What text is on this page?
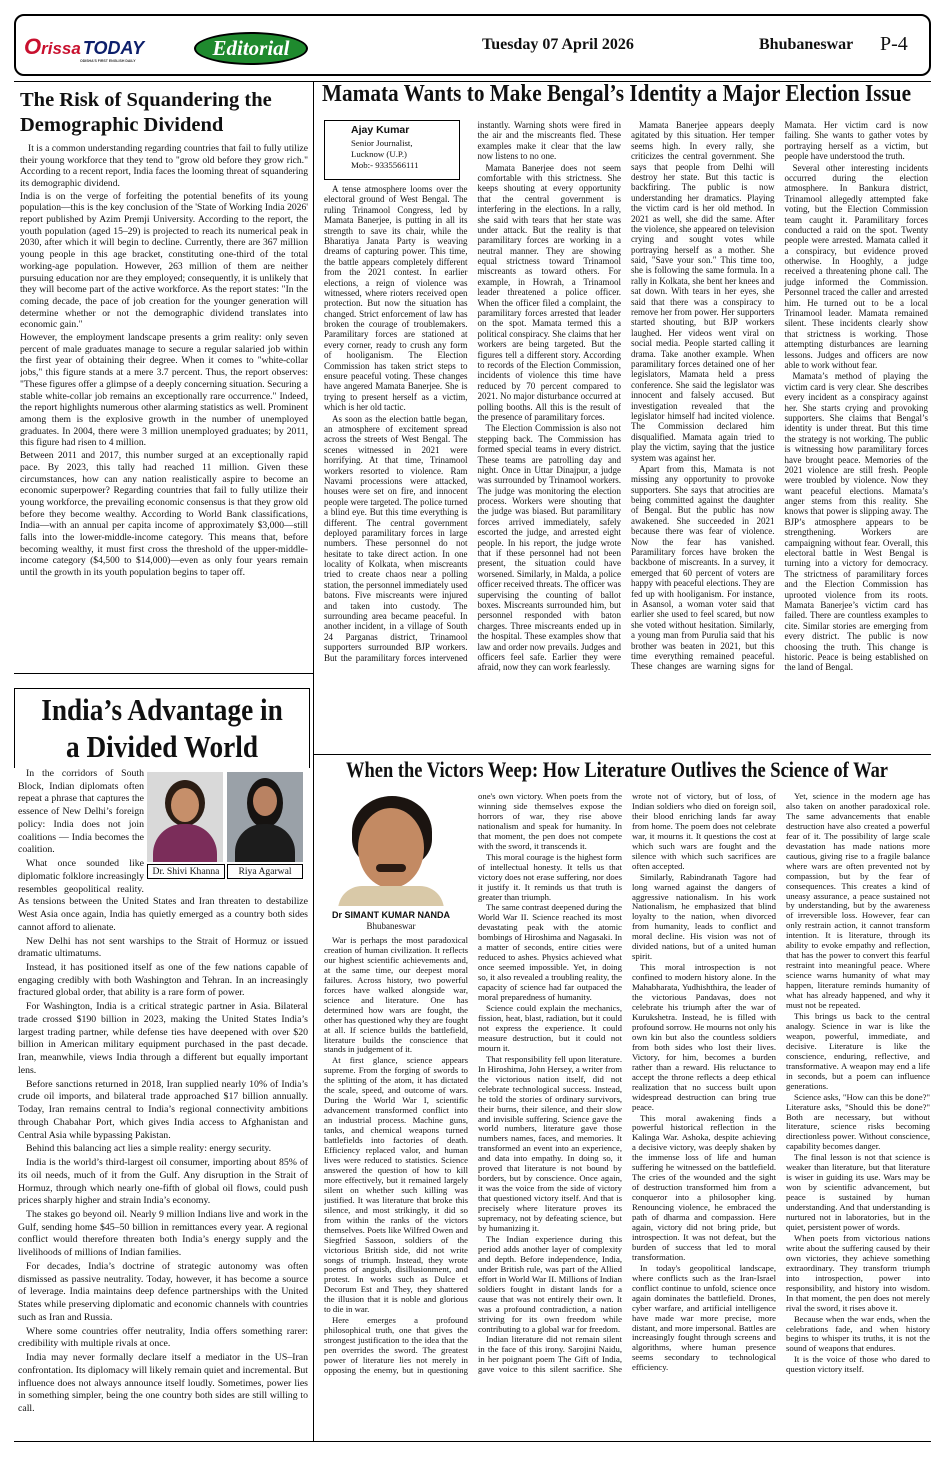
Orissa TODAY
ODISHA'S FIRST ENGLISH DAILY
Editorial	Tuesday 07 April 2026	Bhubaneswar P-4
The Risk of Squandering the Demographic Dividend

It is a common understanding regarding countries that fail to fully utilize their young workforce that they tend to "grow old before they grow rich." According to a recent report, India faces the looming threat of squandering its demographic dividend.

India is on the verge of forfeiting the potential benefits of its young population—this is the key conclusion of the 'State of Working India 2026' report published by Azim Premji University. According to the report, the youth population (aged 15–29) is projected to reach its numerical peak in 2030, after which it will begin to decline. Currently, there are 367 million young people in this age bracket, constituting one-third of the total working-age population. However, 263 million of them are neither pursuing education nor are they employed; consequently, it is unlikely that they will become part of the active workforce. As the report states: "In the coming decade, the pace of job creation for the younger generation will determine whether or not the demographic dividend translates into economic gain."

However, the employment landscape presents a grim reality: only seven percent of male graduates manage to secure a regular salaried job within the first year of obtaining their degree. When it comes to "white-collar jobs," this figure stands at a mere 3.7 percent. Thus, the report observes: "These figures offer a glimpse of a deeply concerning situation. Securing a stable white-collar job remains an exceptionally rare occurrence." Indeed, the report highlights numerous other alarming statistics as well. Prominent among them is the explosive growth in the number of unemployed graduates. In 2004, there were 3 million unemployed graduates; by 2011, this figure had risen to 4 million.

Between 2011 and 2017, this number surged at an exceptionally rapid pace. By 2023, this tally had reached 11 million. Given these circumstances, how can any nation realistically aspire to become an economic superpower? Regarding countries that fail to fully utilize their young workforce, the prevailing economic consensus is that they grow old before they become wealthy. According to World Bank classifications, India—with an annual per capita income of approximately $3,000—still falls into the lower-middle-income category. This means that, before becoming wealthy, it must first cross the threshold of the upper-middle-income category ($4,500 to $14,000)—even as only four years remain until the growth in its youth population begins to taper off.

India’s Advantage in a Divided World
Dr. Shivi Khanna	Riya Agarwal

In the corridors of South Block, Indian diplomats often repeat a phrase that captures the essence of New Delhi’s foreign policy: India does not join coalitions — India becomes the coalition.

What once sounded like diplomatic folklore increasingly resembles geopolitical reality. As tensions between the United States and Iran threaten to destabilize West Asia once again, India has quietly emerged as a country both sides cannot afford to alienate.

New Delhi has not sent warships to the Strait of Hormuz or issued dramatic ultimatums.

Instead, it has positioned itself as one of the few nations capable of engaging credibly with both Washington and Tehran. In an increasingly fractured global order, that ability is a rare form of power.

For Washington, India is a critical strategic partner in Asia. Bilateral trade crossed $190 billion in 2023, making the United States India’s largest trading partner, while defense ties have deepened with over $20 billion in American military equipment purchased in the past decade. Iran, meanwhile, views India through a different but equally important lens.

Before sanctions returned in 2018, Iran supplied nearly 10% of India’s crude oil imports, and bilateral trade approached $17 billion annually. Today, Iran remains central to India’s regional connectivity ambitions through Chabahar Port, which gives India access to Afghanistan and Central Asia while bypassing Pakistan.

Behind this balancing act lies a simple reality: energy security.

India is the world’s third-largest oil consumer, importing about 85% of its oil needs, much of it from the Gulf. Any disruption in the Strait of Hormuz, through which nearly one-fifth of global oil flows, could push prices sharply higher and strain India’s economy.

The stakes go beyond oil. Nearly 9 million Indians live and work in the Gulf, sending home $45–50 billion in remittances every year. A regional conflict would therefore threaten both India’s energy supply and the livelihoods of millions of Indian families.

For decades, India’s doctrine of strategic autonomy was often dismissed as passive neutrality. Today, however, it has become a source of leverage. India maintains deep defence partnerships with the United States while preserving diplomatic and economic channels with countries such as Iran and Russia.

Where some countries offer neutrality, India offers something rarer: credibility with multiple rivals at once.

India may never formally declare itself a mediator in the US–Iran confrontation. Its diplomacy will likely remain quiet and incremental. But influence does not always announce itself loudly. Sometimes, power lies in something simpler, being the one country both sides are still willing to call.

Mamata Wants to Make Bengal’s Identity a Major Election Issue
Ajay Kumar
Senior Journalist,
Lucknow (U.P.)
Mob:- 9335566111

A tense atmosphere looms over the electoral ground of West Bengal. The ruling Trinamool Congress, led by Mamata Banerjee, is putting in all its strength to save its chair, while the Bharatiya Janata Party is weaving dreams of capturing power. This time, the battle appears completely different from the 2021 contest. In earlier elections, a reign of violence was witnessed, where rioters received open protection. But now the situation has changed. Strict enforcement of law has broken the courage of troublemakers. Paramilitary forces are stationed at every corner, ready to crush any form of hooliganism. The Election Commission has taken strict steps to ensure peaceful voting. These changes have angered Mamata Banerjee. She is trying to present herself as a victim, which is her old tactic.

As soon as the election battle began, an atmosphere of excitement spread across the streets of West Bengal. The scenes witnessed in 2021 were horrifying. At that time, Trinamool workers resorted to violence. Ram Navami processions were attacked, houses were set on fire, and innocent people were targeted. The police turned a blind eye. But this time everything is different. The central government deployed paramilitary forces in large numbers. These personnel do not hesitate to take direct action. In one locality of Kolkata, when miscreants tried to create chaos near a polling station, the personnel immediately used batons. Five miscreants were injured and taken into custody. The surrounding area became peaceful. In another incident, in a village of South 24 Parganas district, Trinamool supporters surrounded BJP workers. But the paramilitary forces intervened instantly. Warning shots were fired in the air and the miscreants fled. These examples make it clear that the law now listens to no one.

Mamata Banerjee does not seem comfortable with this strictness. She keeps shouting at every opportunity that the central government is interfering in the elections. In a rally, she said with tears that her state was under attack. But the reality is that paramilitary forces are working in a neutral manner. They are showing equal strictness toward Trinamool miscreants as toward others. For example, in Howrah, a Trinamool leader threatened a police officer. When the officer filed a complaint, the paramilitary forces arrested that leader on the spot. Mamata termed this a political conspiracy. She claims that her workers are being targeted. But the figures tell a different story. According to records of the Election Commission, incidents of violence this time have reduced by 70 percent compared to 2021. No major disturbance occurred at polling booths. All this is the result of the presence of paramilitary forces.

The Election Commission is also not stepping back. The Commission has formed special teams in every district. These teams are patrolling day and night. Once in Uttar Dinajpur, a judge was surrounded by Trinamool workers. The judge was monitoring the election process. Workers were shouting that the judge was biased. But paramilitary forces arrived immediately, safely escorted the judge, and arrested eight people. In his report, the judge wrote that if these personnel had not been present, the situation could have worsened. Similarly, in Malda, a police officer received threats. The officer was supervising the counting of ballot boxes. Miscreants surrounded him, but personnel responded with baton charges. Three miscreants ended up in the hospital. These examples show that law and order now prevails. Judges and officers feel safe. Earlier they were afraid, now they can work fearlessly.

Mamata Banerjee appears deeply agitated by this situation. Her temper seems high. In every rally, she criticizes the central government. She says that people from Delhi will destroy her state. But this tactic is backfiring. The public is now understanding her dramatics. Playing the victim card is her old method. In 2021 as well, she did the same. After the violence, she appeared on television crying and sought votes while portraying herself as a mother. She said, "Save your son." This time too, she is following the same formula. In a rally in Kolkata, she bent her knees and sat down. With tears in her eyes, she said that there was a conspiracy to remove her from power. Her supporters started shouting, but BJP workers laughed. Her videos went viral on social media. People started calling it drama. Take another example. When paramilitary forces detained one of her legislators, Mamata held a press conference. She said the legislator was innocent and falsely accused. But investigation revealed that the legislator himself had incited violence. The Commission declared him disqualified. Mamata again tried to play the victim, saying that the justice system was against her.

Apart from this, Mamata is not missing any opportunity to provoke supporters. She says that atrocities are being committed against the daughter of Bengal. But the public has now awakened. She succeeded in 2021 because there was fear of violence. Now the fear has vanished. Paramilitary forces have broken the backbone of miscreants. In a survey, it emerged that 60 percent of voters are happy with peaceful elections. They are fed up with hooliganism. For instance, in Asansol, a woman voter said that earlier she used to feel scared, but now she voted without hesitation. Similarly, a young man from Purulia said that his brother was beaten in 2021, but this time everything remained peaceful. These changes are warning signs for Mamata. Her victim card is now failing. She wants to gather votes by portraying herself as a victim, but people have understood the truth.

Several other interesting incidents occurred during the election atmosphere. In Bankura district, Trinamool allegedly attempted fake voting, but the Election Commission team caught it. Paramilitary forces conducted a raid on the spot. Twenty people were arrested. Mamata called it a conspiracy, but evidence proved otherwise. In Hooghly, a judge received a threatening phone call. The judge informed the Commission. Personnel traced the caller and arrested him. He turned out to be a local Trinamool leader. Mamata remained silent. These incidents clearly show that strictness is working. Those attempting disturbances are learning lessons. Judges and officers are now able to work without fear.

Mamata’s method of playing the victim card is very clear. She describes every incident as a conspiracy against her. She starts crying and provoking supporters. She claims that Bengal’s identity is under threat. But this time the strategy is not working. The public is witnessing how paramilitary forces have brought peace. Memories of the 2021 violence are still fresh. People were troubled by violence. Now they want peaceful elections. Mamata’s anger stems from this reality. She knows that power is slipping away. The BJP’s atmosphere appears to be strengthening. Workers are campaigning without fear. Overall, this electoral battle in West Bengal is turning into a victory for democracy. The strictness of paramilitary forces and the Election Commission has uprooted violence from its roots. Mamata Banerjee’s victim card has failed. There are countless examples to cite. Similar stories are emerging from every district. The public is now choosing the truth. This change is historic. Peace is being established on the land of Bengal.

When the Victors Weep: How Literature Outlives the Science of War
Dr SIMANT KUMAR NANDA
Bhubaneswar

War is perhaps the most paradoxical creation of human civilization. It reflects our highest scientific achievements and, at the same time, our deepest moral failures. Across history, two powerful forces have walked alongside war, science and literature. One has determined how wars are fought, the other has questioned why they are fought at all. If science builds the battlefield, literature builds the conscience that stands in judgement of it.

At first glance, science appears supreme. From the forging of swords to the splitting of the atom, it has dictated the scale, speed, and outcome of wars. During the World War I, scientific advancement transformed conflict into an industrial process. Machine guns, tanks, and chemical weapons turned battlefields into factories of death. Efficiency replaced valor, and human lives were reduced to statistics. Science answered the question of how to kill more effectively, but it remained largely silent on whether such killing was justified. It was literature that broke this silence, and most strikingly, it did so from within the ranks of the victors themselves. Poets like Wilfred Owen and Siegfried Sassoon, soldiers of the victorious British side, did not write songs of triumph. Instead, they wrote poems of anguish, disillusionment, and protest. In works such as Dulce et Decorum Est and They, they shattered the illusion that it is noble and glorious to die in war.

Here emerges a profound philosophical truth, one that gives the strongest justification to the idea that the pen overrides the sword. The greatest power of literature lies not merely in opposing the enemy, but in questioning one's own victory. When poets from the winning side themselves expose the horrors of war, they rise above nationalism and speak for humanity. In that moment, the pen does not compete with the sword, it transcends it.

This moral courage is the highest form of intellectual honesty. It tells us that victory does not erase suffering, nor does it justify it. It reminds us that truth is greater than triumph.

The same contrast deepened during the World War II. Science reached its most devastating peak with the atomic bombings of Hiroshima and Nagasaki. In a matter of seconds, entire cities were reduced to ashes. Physics achieved what once seemed impossible. Yet, in doing so, it also revealed a troubling reality, the capacity of science had far outpaced the moral preparedness of humanity.

Science could explain the mechanics, fission, heat, blast, radiation, but it could not express the experience. It could measure destruction, but it could not mourn it.

That responsibility fell upon literature. In Hiroshima, John Hersey, a writer from the victorious nation itself, did not celebrate technological success. Instead, he told the stories of ordinary survivors, their burns, their silence, and their slow and invisible suffering. Science gave the world numbers, literature gave those numbers names, faces, and memories. It transformed an event into an experience, and data into empathy. In doing so, it proved that literature is not bound by borders, but by conscience. Once again, it was the voice from the side of victory that questioned victory itself. And that is precisely where literature proves its supremacy, not by defeating science, but by humanizing it.

The Indian experience during this period adds another layer of complexity and depth. Before independence, India, under British rule, was part of the Allied effort in World War II. Millions of Indian soldiers fought in distant lands for a cause that was not entirely their own. It was a profound contradiction, a nation striving for its own freedom while contributing to a global war for freedom.

Indian literature did not remain silent in the face of this irony. Sarojini Naidu, in her poignant poem The Gift of India, gave voice to this silent sacrifice. She wrote not of victory, but of loss, of Indian soldiers who died on foreign soil, their blood enriching lands far away from home. The poem does not celebrate war, it mourns it. It questions the cost at which such wars are fought and the silence with which such sacrifices are often accepted.

Similarly, Rabindranath Tagore had long warned against the dangers of aggressive nationalism. In his work Nationalism, he emphasized that blind loyalty to the nation, when divorced from humanity, leads to conflict and moral decline. His vision was not of divided nations, but of a united human spirit.

This moral introspection is not confined to modern history alone. In the Mahabharata, Yudhishthira, the leader of the victorious Pandavas, does not celebrate his triumph after the war of Kurukshetra. Instead, he is filled with profound sorrow. He mourns not only his own kin but also the countless soldiers from both sides who lost their lives. Victory, for him, becomes a burden rather than a reward. His reluctance to accept the throne reflects a deep ethical realization that no success built upon widespread destruction can bring true peace.

This moral awakening finds a powerful historical reflection in the Kalinga War. Ashoka, despite achieving a decisive victory, was deeply shaken by the immense loss of life and human suffering he witnessed on the battlefield. The cries of the wounded and the sight of destruction transformed him from a conqueror into a philosopher king. Renouncing violence, he embraced the path of dharma and compassion. Here again, victory did not bring pride, but introspection. It was not defeat, but the burden of success that led to moral transformation.

In today's geopolitical landscape, where conflicts such as the Iran-Israel conflict continue to unfold, science once again dominates the battlefield. Drones, cyber warfare, and artificial intelligence have made war more precise, more distant, and more impersonal. Battles are increasingly fought through screens and algorithms, where human presence seems secondary to technological efficiency.

Yet, science in the modern age has also taken on another paradoxical role. The same advancements that enable destruction have also created a powerful fear of it. The possibility of large scale devastation has made nations more cautious, giving rise to a fragile balance where wars are often prevented not by compassion, but by the fear of consequences. This creates a kind of uneasy assurance, a peace sustained not by understanding, but by the awareness of irreversible loss. However, fear can only restrain action, it cannot transform intention. It is literature, through its ability to evoke empathy and reflection, that has the power to convert this fearful restraint into meaningful peace. Where science warns humanity of what may happen, literature reminds humanity of what has already happened, and why it must not be repeated.

This brings us back to the central analogy. Science in war is like the weapon, powerful, immediate, and decisive. Literature is like the conscience, enduring, reflective, and transformative. A weapon may end a life in seconds, but a poem can influence generations.

Science asks, "How can this be done?" Literature asks, "Should this be done?" Both are necessary, but without literature, science risks becoming directionless power. Without conscience, capability becomes danger.

The final lesson is not that science is weaker than literature, but that literature is wiser in guiding its use. Wars may be won by scientific advancement, but peace is sustained by human understanding. And that understanding is nurtured not in laboratories, but in the quiet, persistent power of words.

When poets from victorious nations write about the suffering caused by their own victories, they achieve something extraordinary. They transform triumph into introspection, power into responsibility, and history into wisdom. In that moment, the pen does not merely rival the sword, it rises above it.

Because when the war ends, when the celebrations fade, and when history begins to whisper its truths, it is not the sound of weapons that endures.

It is the voice of those who dared to question victory itself.
